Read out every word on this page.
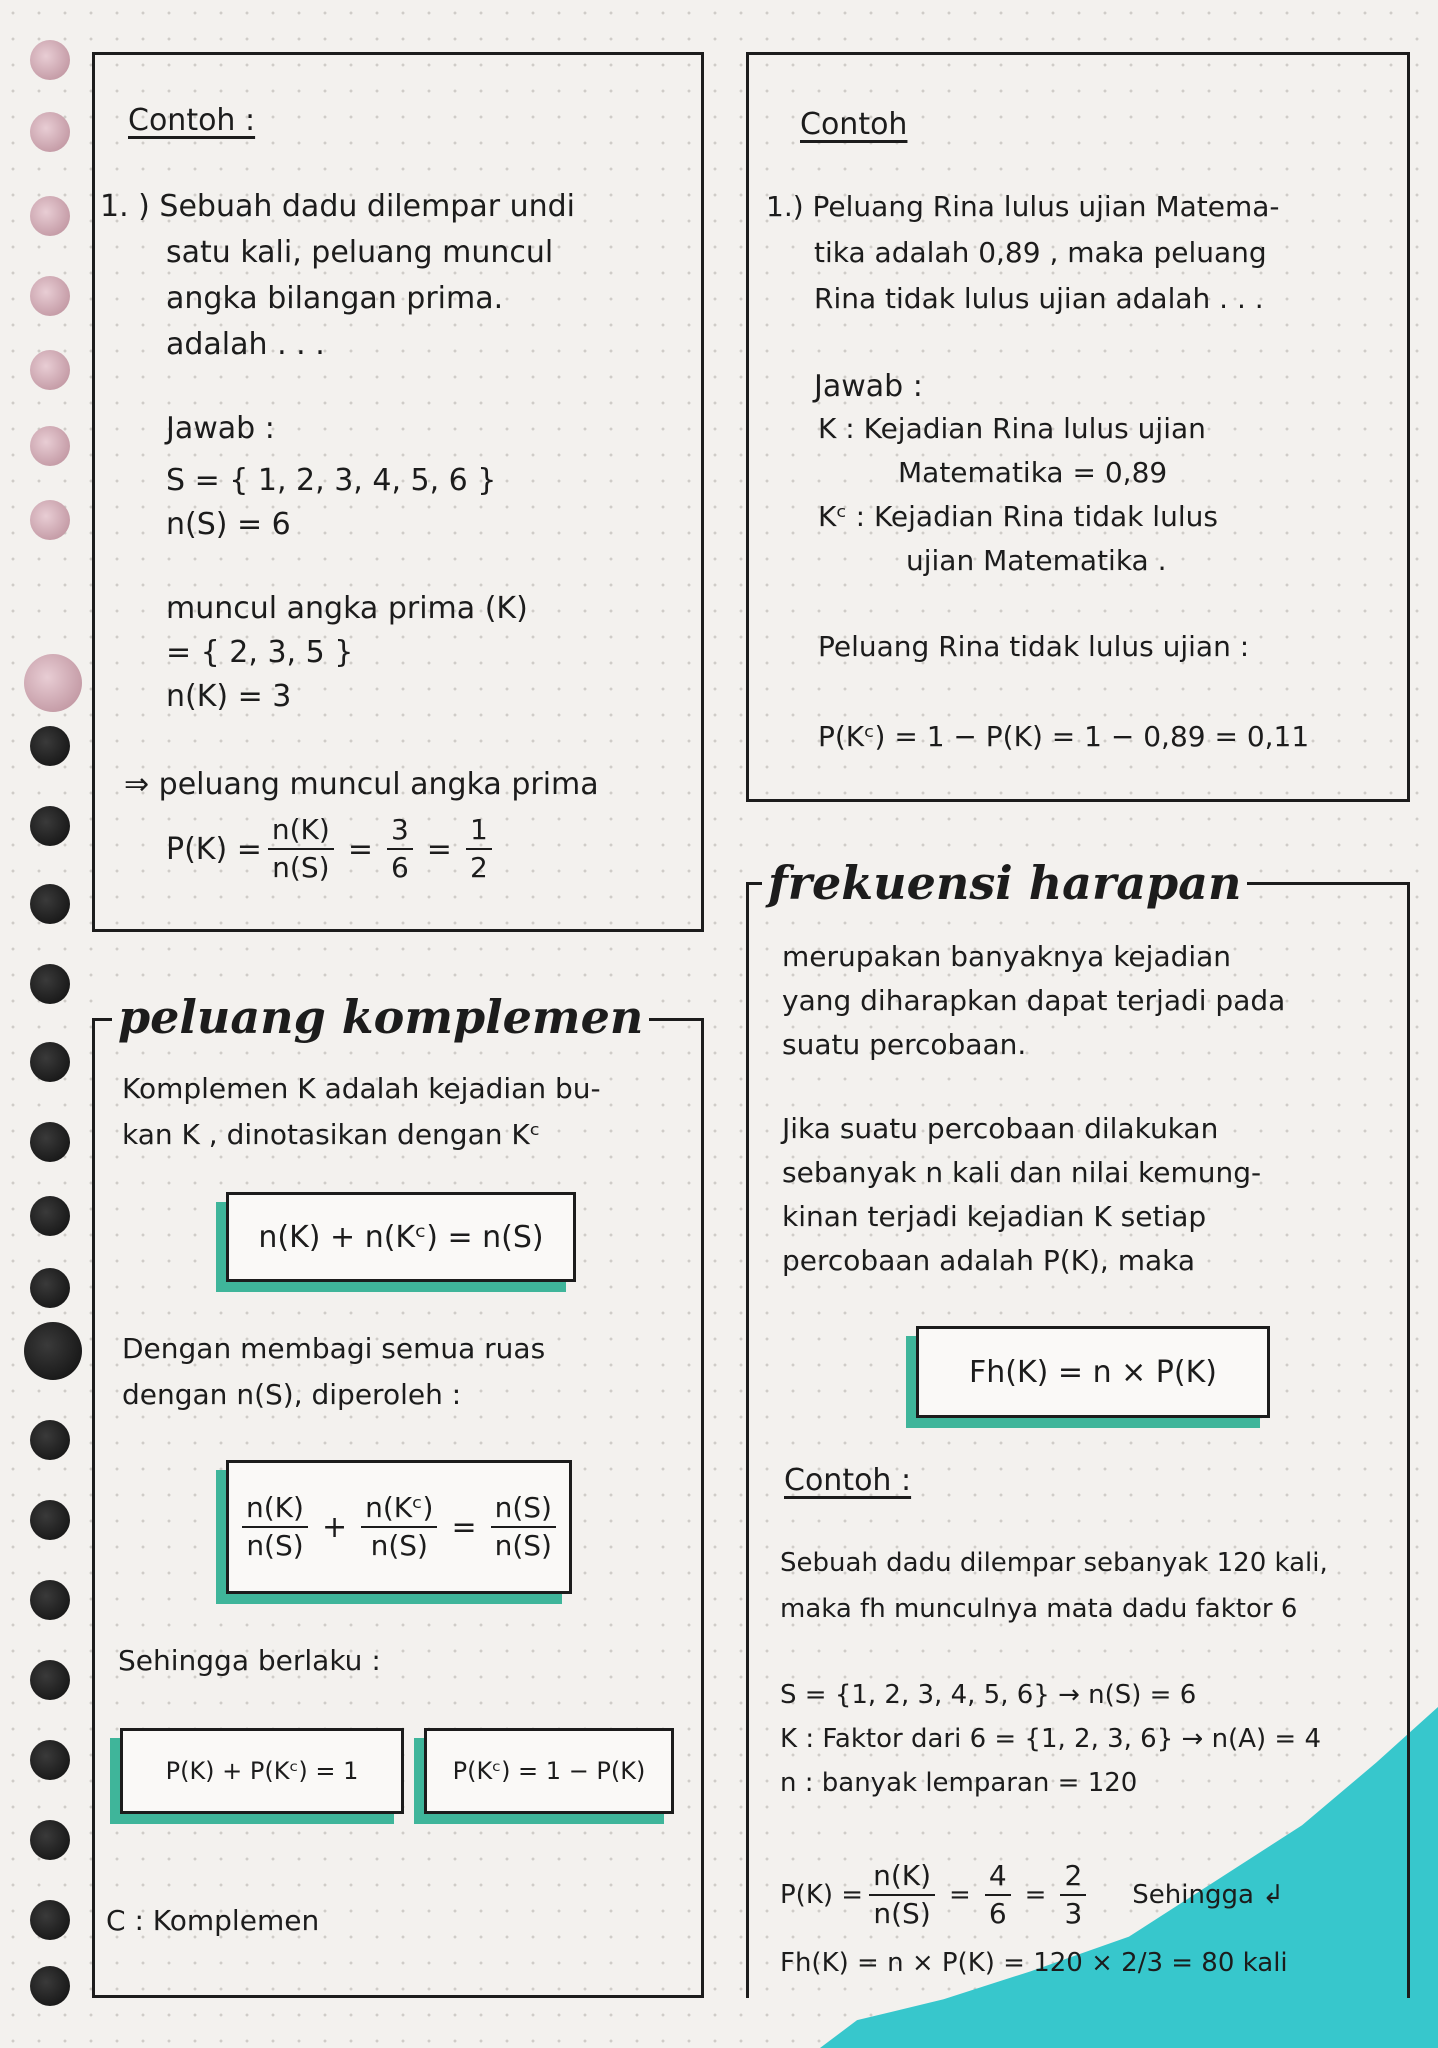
Contoh :
1. ) Sebuah dadu dilempar undi
satu kali, peluang muncul
angka bilangan prima.
adalah . . .
Jawab :
S = { 1, 2, 3, 4, 5, 6 }
n(S) = 6
muncul angka prima (K)
= { 2, 3, 5 }
n(K) = 3
⇒ peluang muncul angka prima
$P(K) = \frac{n(K)}{n(S)} = \frac{3}{6} = \frac{1}{2}$
Contoh
1.) Peluang Rina lulus ujian Matema-
tika adalah 0,89 , maka peluang
Rina tidak lulus ujian adalah . . .
Jawab :
K : Kejadian Rina lulus ujian
Matematika = 0,89
Kᶜ : Kejadian Rina tidak lulus
ujian Matematika .
Peluang Rina tidak lulus ujian :
P(Kᶜ) = 1 − P(K) = 1 − 0,89 = 0,11
peluang komplemen
Komplemen K adalah kejadian bu-
kan K , dinotasikan dengan Kᶜ
n(K) + n(Kᶜ) = n(S)
Dengan membagi semua ruas
dengan n(S), diperoleh :
$\frac{n(K)}{n(S)} + \frac{\text{n(Kᶜ)}}{n(S)} = \frac{n(S)}{n(S)}$
Sehingga berlaku :
P(K) + P(Kᶜ) = 1	P(Kᶜ) = 1 − P(K)
C : Komplemen
frekuensi harapan
merupakan banyaknya kejadian
yang diharapkan dapat terjadi pada
suatu percobaan.
Jika suatu percobaan dilakukan
sebanyak n kali dan nilai kemung-
kinan terjadi kejadian K setiap
percobaan adalah P(K), maka
Fh(K) = n × P(K)
Contoh :
Sebuah dadu dilempar sebanyak 120 kali,
maka fh munculnya mata dadu faktor 6
S = {1, 2, 3, 4, 5, 6} → n(S) = 6
K : Faktor dari 6 = {1, 2, 3, 6} → n(A) = 4
n : banyak lemparan = 120
$P(K) = \frac{n(K)}{n(S)} = \frac{4}{6} = \frac{2}{3}$ Sehingga ↲
Fh(K) = n × P(K) = 120 × 2/3 = 80 kali
